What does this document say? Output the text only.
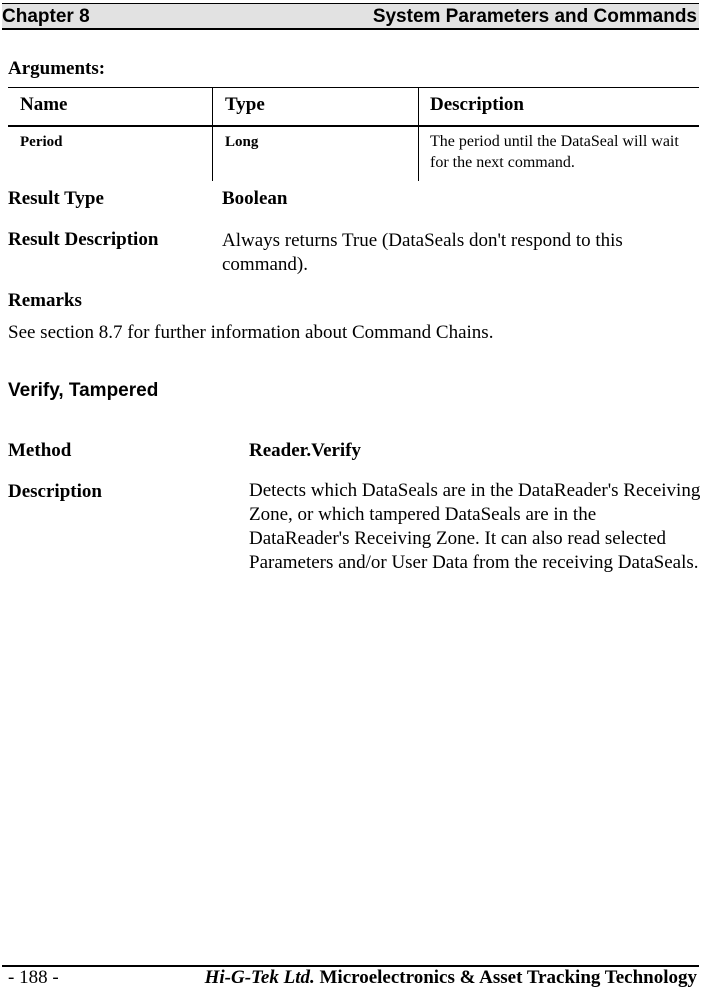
Chapter 8	System Parameters and Commands
Arguments:
Name	Type	Description
Period	Long	The period until the DataSeal will wait for the next command.
Result Type	Boolean
Result Description	Always returns True (DataSeals don't respond to this command).
Remarks
See section 8.7 for further information about Command Chains.
Verify, Tampered
Method	Reader.Verify
Description	Detects which DataSeals are in the DataReader's Receiving Zone, or which tampered DataSeals are in the DataReader's Receiving Zone. It can also read selected Parameters and/or User Data from the receiving DataSeals.
- 188 -	Hi-G-Tek Ltd. Microelectronics & Asset Tracking Technology
